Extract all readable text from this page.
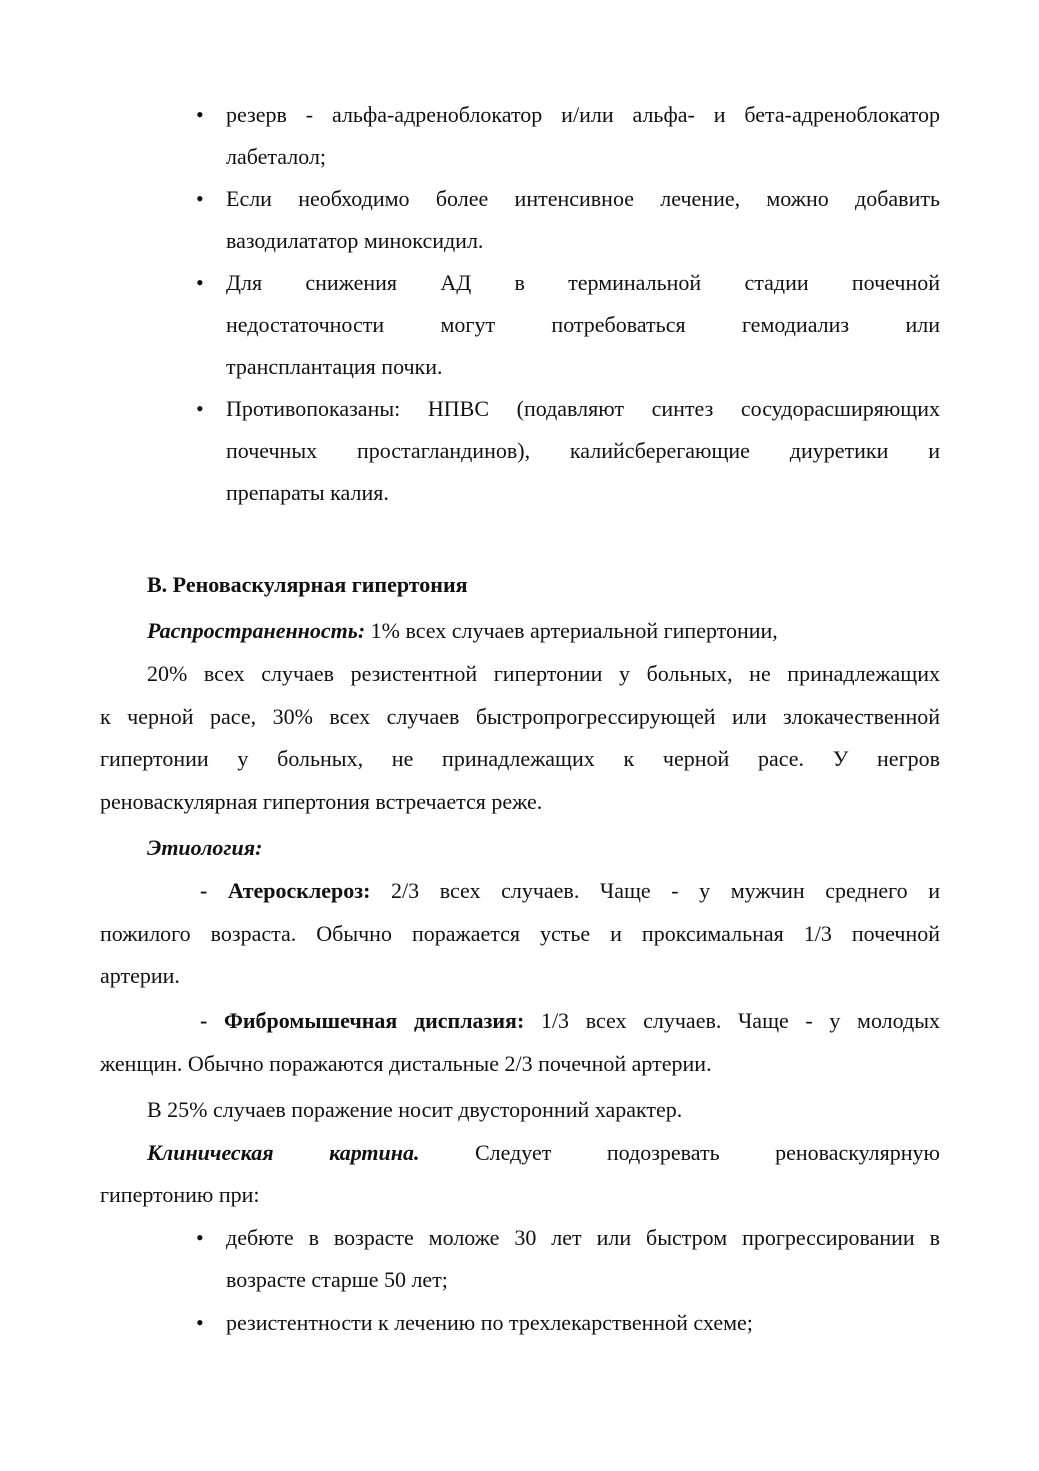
• резерв - альфа-адреноблокатор и/или альфа- и бета-адреноблокатор
лабеталол;
• Если необходимо более интенсивное лечение, можно добавить
вазодилататор миноксидил.
• Для снижения АД в терминальной стадии почечной
недостаточности могут потребоваться гемодиализ или
трансплантация почки.
• Противопоказаны: НПВС (подавляют синтез сосудорасширяющих
почечных простагландинов), калийсберегающие диуретики и
препараты калия.
В. Реноваскулярная гипертония
Распространенность: 1% всех случаев артериальной гипертонии,
20% всех случаев резистентной гипертонии у больных, не принадлежащих
к черной расе, 30% всех случаев быстропрогрессирующей или злокачественной
гипертонии у больных, не принадлежащих к черной расе. У негров
реноваскулярная гипертония встречается реже.
Этиология:
- Атеросклероз: 2/3 всех случаев. Чаще - у мужчин среднего и
пожилого возраста. Обычно поражается устье и проксимальная 1/3 почечной
артерии.
- Фибромышечная дисплазия: 1/3 всех случаев. Чаще - у молодых
женщин. Обычно поражаются дистальные 2/3 почечной артерии.
В 25% случаев поражение носит двусторонний характер.
Клиническая	картина.	Следует	подозревать	реноваскулярную
гипертонию при:
• дебюте в возрасте моложе 30 лет или быстром прогрессировании в
возрасте старше 50 лет;
• резистентности к лечению по трехлекарственной схеме;
